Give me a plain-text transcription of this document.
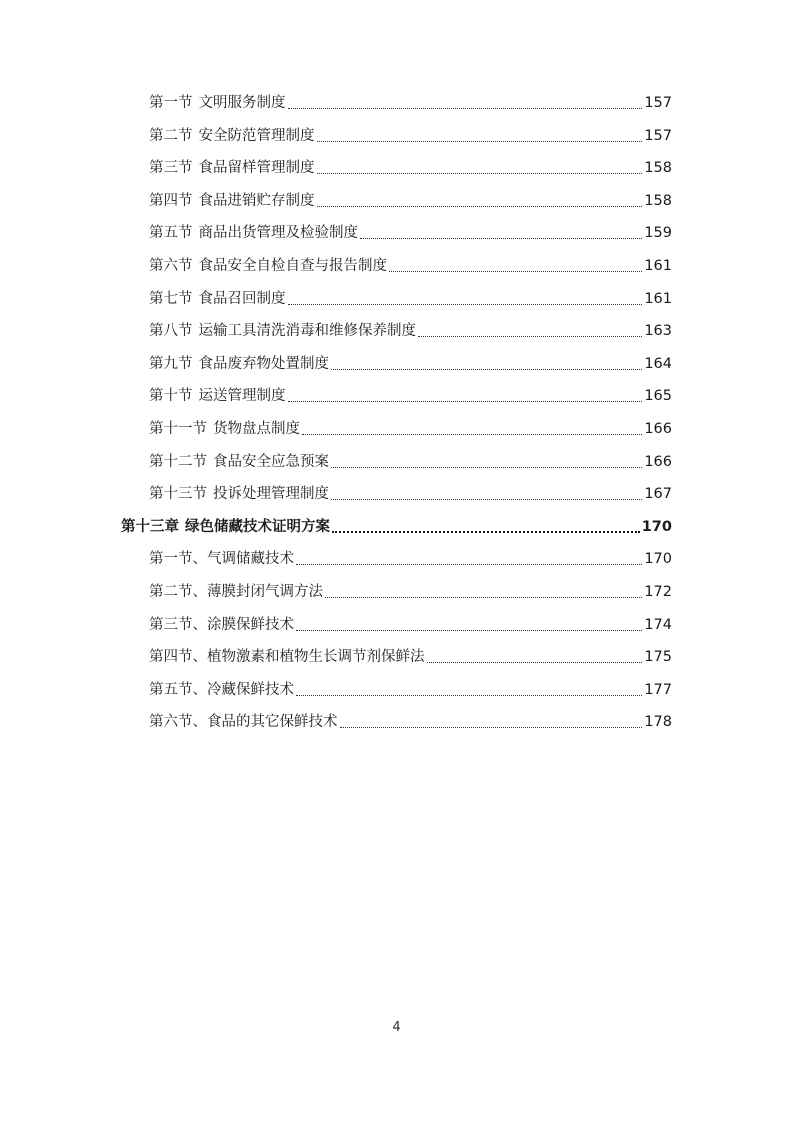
第一节 文明服务制度	157
第二节 安全防范管理制度	157
第三节 食品留样管理制度	158
第四节 食品进销贮存制度	158
第五节 商品出货管理及检验制度	159
第六节 食品安全自检自查与报告制度	161
第七节 食品召回制度	161
第八节 运输工具清洗消毒和维修保养制度	163
第九节 食品废弃物处置制度	164
第十节 运送管理制度	165
第十一节 货物盘点制度	166
第十二节 食品安全应急预案	166
第十三节 投诉处理管理制度	167
第十三章 绿色储藏技术证明方案	170
第一节、气调储藏技术	170
第二节、薄膜封闭气调方法	172
第三节、涂膜保鲜技术	174
第四节、植物激素和植物生长调节剂保鲜法	175
第五节、冷藏保鲜技术	177
第六节、食品的其它保鲜技术	178
4
